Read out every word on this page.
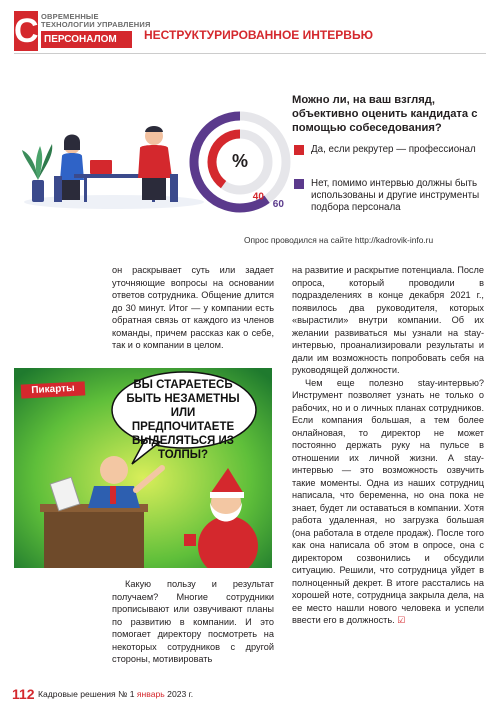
С ОВРЕМЕННЫЕ
ТЕХНОЛОГИИ УПРАВЛЕНИЯ
ПЕРСОНАЛОМ	НЕСТРУКТУРИРОВАННОЕ ИНТЕРВЬЮ
%
40
60
Можно ли, на ваш взгляд, объективно оценить кандидата с помощью собеседования?
Да, если рекрутер — профессионал
Нет, помимо интервью должны быть использованы и другие инструменты подбора персонала
Опрос проводился на сайте http://kadrovik-info.ru

он раскрывает суть или задает уточняющие вопросы на основании ответов сотрудника. Общение длится до 30 минут. Итог — у компании есть обратная связь от каждого из членов команды, причем рассказ как о себе, так и о компании в целом.

на развитие и раскрытие потенциала. После опроса, который проводили в подразделениях в конце декабря 2021 г., появилось два руководителя, которых «вырастили» внутри компании. Об их желании развиваться мы узнали на stay-интервью, проанализировали результаты и дали им возможность попробовать себя на руководящей должности.

Чем еще полезно stay-интервью? Инструмент позволяет узнать не только о рабочих, но и о личных планах сотрудников. Если компания большая, а тем более онлайновая, то директор не может постоянно держать руку на пульсе в отношении их личной жизни. А stay-интервью — это возможность озвучить такие моменты. Одна из наших сотрудниц написала, что беременна, но она пока не знает, будет ли оставаться в компании. Хотя работа удаленная, но загрузка большая (она работала в отделе продаж). После того как она написала об этом в опросе, она с директором созвонились и обсудили ситуацию. Решили, что сотрудница уйдет в полноценный декрет. В итоге расстались на хорошей ноте, сотрудница закрыла дела, на ее место нашли нового человека и успели ввести его в должность. ☑

Какую пользу и результат получаем? Многие сотрудники прописывают или озвучивают планы по развитию в компании. И это помогает директору посмотреть на некоторых сотрудников с другой стороны, мотивировать

Пикарты	ВЫ СТАРАЕТЕСЬ БЫТЬ НЕЗАМЕТНЫ ИЛИ ПРЕДПОЧИТАЕТЕ ВЫДЕЛЯТЬСЯ ИЗ ТОЛПЫ?
112 Кадровые решения № 1 январь 2023 г.
